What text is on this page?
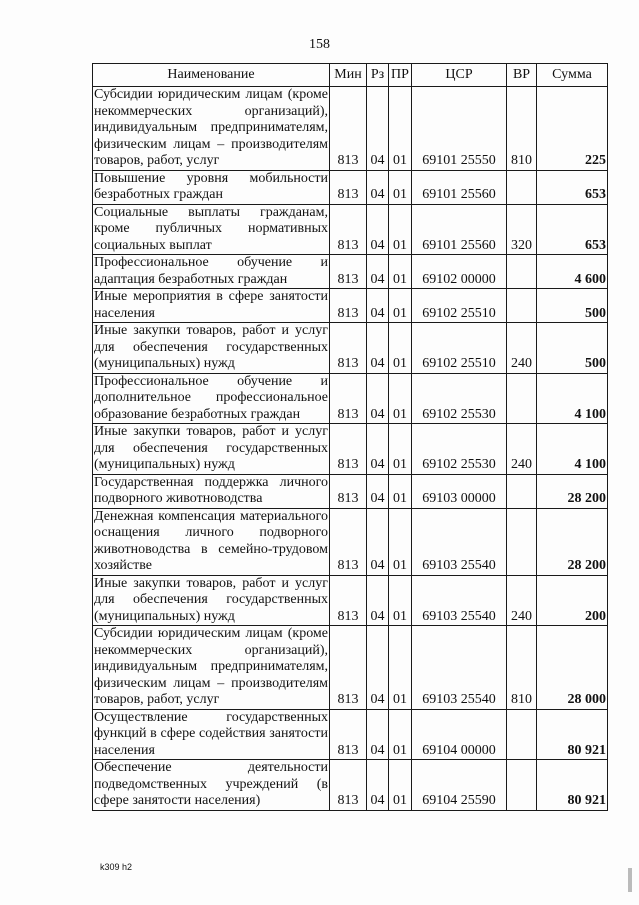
158
Наименование	Мин	Рз	ПР	ЦСР	ВР	Сумма
Субсидии юридическим лицам (кроме некоммерческих организаций), индивидуальным предпринимателям, физическим лицам – производителям товаров, работ, услуг	813	04	01	69101 25550	810	225
Повышение уровня мобильности безработных граждан	813	04	01	69101 25560		653
Социальные выплаты гражданам, кроме публичных нормативных социальных выплат	813	04	01	69101 25560	320	653
Профессиональное обучение и адаптация безработных граждан	813	04	01	69102 00000		4 600
Иные мероприятия в сфере занятости населения	813	04	01	69102 25510		500
Иные закупки товаров, работ и услуг для обеспечения государственных (муниципальных) нужд	813	04	01	69102 25510	240	500
Профессиональное обучение и дополнительное профессиональное образование безработных граждан	813	04	01	69102 25530		4 100
Иные закупки товаров, работ и услуг для обеспечения государственных (муниципальных) нужд	813	04	01	69102 25530	240	4 100
Государственная поддержка личного подворного животноводства	813	04	01	69103 00000		28 200
Денежная компенсация материального оснащения личного подворного животноводства в семейно-трудовом хозяйстве	813	04	01	69103 25540		28 200
Иные закупки товаров, работ и услуг для обеспечения государственных (муниципальных) нужд	813	04	01	69103 25540	240	200
Субсидии юридическим лицам (кроме некоммерческих организаций), индивидуальным предпринимателям, физическим лицам – производителям товаров, работ, услуг	813	04	01	69103 25540	810	28 000
Осуществление государственных функций в сфере содействия занятости населения	813	04	01	69104 00000		80 921
Обеспечение деятельности подведомственных учреждений (в сфере занятости населения)	813	04	01	69104 25590		80 921
k309 h2
